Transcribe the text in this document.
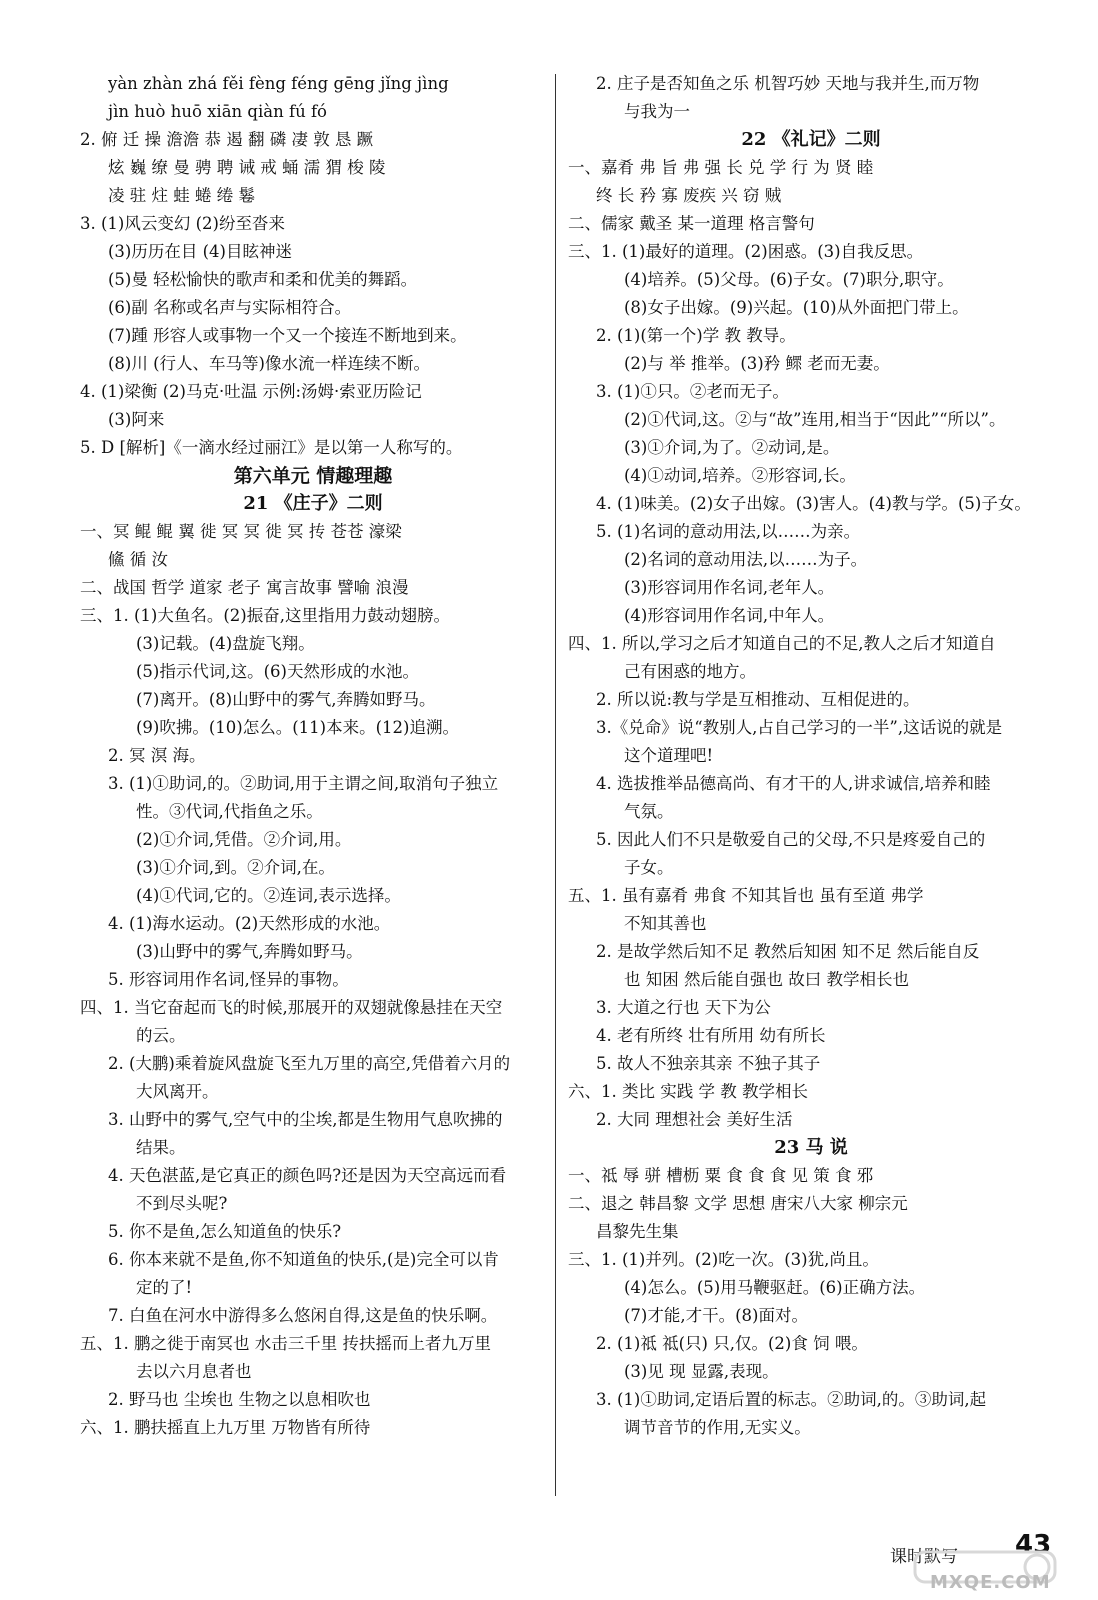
yàn zhàn zhá fěi fèng féng gēng jǐng jìng
jìn huò huō xiān qiàn fú fó
2. 俯 迁 操 澹澹 恭 遏 翻 磷 凄 敦 恳 蹶
炫 巍 缭 曼 骋 聘 诫 戒 蛹 濡 猬 梭 陵
凌 驻 炷 蛙 蜷 绻 鬈
3. (1)风云变幻 (2)纷至沓来
(3)历历在目 (4)目眩神迷
(5)曼 轻松愉快的歌声和柔和优美的舞蹈。
(6)副 名称或名声与实际相符合。
(7)踵 形容人或事物一个又一个接连不断地到来。
(8)川 (行人、车马等)像水流一样连续不断。
4. (1)梁衡 (2)马克·吐温 示例:汤姆·索亚历险记
(3)阿来
5. D [解析]《一滴水经过丽江》是以第一人称写的。
第六单元 情趣理趣
21 《庄子》二则
一、冥 鲲 鲲 翼 徙 冥 冥 徙 冥 抟 苍苍 濠梁
鯈 循 汝
二、战国 哲学 道家 老子 寓言故事 譬喻 浪漫
三、1. (1)大鱼名。(2)振奋,这里指用力鼓动翅膀。
(3)记载。(4)盘旋飞翔。
(5)指示代词,这。(6)天然形成的水池。
(7)离开。(8)山野中的雾气,奔腾如野马。
(9)吹拂。(10)怎么。(11)本来。(12)追溯。
2. 冥 溟 海。
3. (1)①助词,的。②助词,用于主谓之间,取消句子独立
性。③代词,代指鱼之乐。
(2)①介词,凭借。②介词,用。
(3)①介词,到。②介词,在。
(4)①代词,它的。②连词,表示选择。
4. (1)海水运动。(2)天然形成的水池。
(3)山野中的雾气,奔腾如野马。
5. 形容词用作名词,怪异的事物。
四、1. 当它奋起而飞的时候,那展开的双翅就像悬挂在天空
的云。
2. (大鹏)乘着旋风盘旋飞至九万里的高空,凭借着六月的
大风离开。
3. 山野中的雾气,空气中的尘埃,都是生物用气息吹拂的
结果。
4. 天色湛蓝,是它真正的颜色吗?还是因为天空高远而看
不到尽头呢?
5. 你不是鱼,怎么知道鱼的快乐?
6. 你本来就不是鱼,你不知道鱼的快乐,(是)完全可以肯
定的了!
7. 白鱼在河水中游得多么悠闲自得,这是鱼的快乐啊。
五、1. 鹏之徙于南冥也 水击三千里 抟扶摇而上者九万里
去以六月息者也
2. 野马也 尘埃也 生物之以息相吹也
六、1. 鹏扶摇直上九万里 万物皆有所待
2. 庄子是否知鱼之乐 机智巧妙 天地与我并生,而万物
与我为一
22 《礼记》二则
一、嘉肴 弗 旨 弗 强 长 兑 学 行 为 贤 睦
终 长 矜 寡 废疾 兴 窃 贼
二、儒家 戴圣 某一道理 格言警句
三、1. (1)最好的道理。(2)困惑。(3)自我反思。
(4)培养。(5)父母。(6)子女。(7)职分,职守。
(8)女子出嫁。(9)兴起。(10)从外面把门带上。
2. (1)(第一个)学 教 教导。
(2)与 举 推举。(3)矜 鳏 老而无妻。
3. (1)①只。②老而无子。
(2)①代词,这。②与“故”连用,相当于“因此”“所以”。
(3)①介词,为了。②动词,是。
(4)①动词,培养。②形容词,长。
4. (1)味美。(2)女子出嫁。(3)害人。(4)教与学。(5)子女。
5. (1)名词的意动用法,以……为亲。
(2)名词的意动用法,以……为子。
(3)形容词用作名词,老年人。
(4)形容词用作名词,中年人。
四、1. 所以,学习之后才知道自己的不足,教人之后才知道自
己有困惑的地方。
2. 所以说:教与学是互相推动、互相促进的。
3.《兑命》说“教别人,占自己学习的一半”,这话说的就是
这个道理吧!
4. 选拔推举品德高尚、有才干的人,讲求诚信,培养和睦
气氛。
5. 因此人们不只是敬爱自己的父母,不只是疼爱自己的
子女。
五、1. 虽有嘉肴 弗食 不知其旨也 虽有至道 弗学
不知其善也
2. 是故学然后知不足 教然后知困 知不足 然后能自反
也 知困 然后能自强也 故曰 教学相长也
3. 大道之行也 天下为公
4. 老有所终 壮有所用 幼有所长
5. 故人不独亲其亲 不独子其子
六、1. 类比 实践 学 教 教学相长
2. 大同 理想社会 美好生活
23 马 说
一、祗 辱 骈 槽枥 粟 食 食 食 见 策 食 邪
二、退之 韩昌黎 文学 思想 唐宋八大家 柳宗元
昌黎先生集
三、1. (1)并列。(2)吃一次。(3)犹,尚且。
(4)怎么。(5)用马鞭驱赶。(6)正确方法。
(7)才能,才干。(8)面对。
2. (1)祗 祗(只) 只,仅。(2)食 饲 喂。
(3)见 现 显露,表现。
3. (1)①助词,定语后置的标志。②助词,的。③助词,起
调节音节的作用,无实义。
课时默写 43
MXQE.COM
